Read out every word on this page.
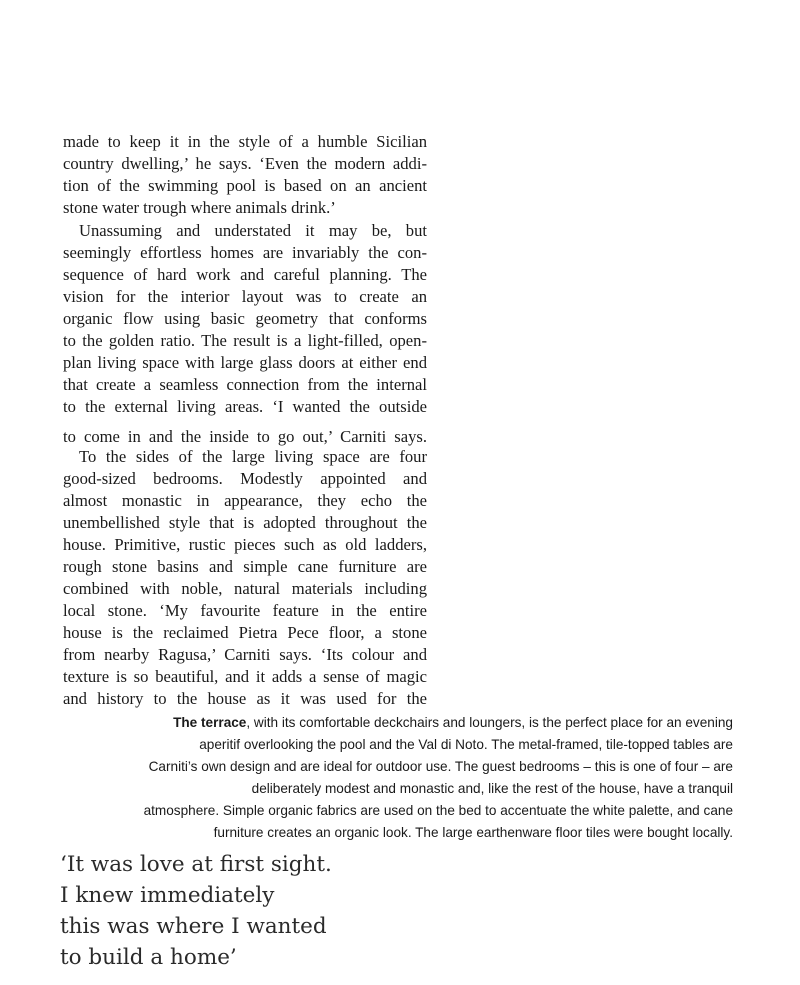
made to keep it in the style of a humble Sicilian
country dwelling,’ he says. ‘Even the modern addi-
tion of the swimming pool is based on an ancient
stone water trough where animals drink.’
Unassuming and understated it may be, but
seemingly effortless homes are invariably the con-
sequence of hard work and careful planning. The
vision for the interior layout was to create an
organic flow using basic geometry that conforms
to the golden ratio. The result is a light-filled, open-
plan living space with large glass doors at either end
that create a seamless connection from the internal
to the external living areas. ‘I wanted the outside
to come in and the inside to go out,’ Carniti says.
To the sides of the large living space are four
good-sized bedrooms. Modestly appointed and
almost monastic in appearance, they echo the
unembellished style that is adopted throughout the
house. Primitive, rustic pieces such as old ladders,
rough stone basins and simple cane furniture are
combined with noble, natural materials including
local stone. ‘My favourite feature in the entire
house is the reclaimed Pietra Pece floor, a stone
from nearby Ragusa,’ Carniti says. ‘Its colour and
texture is so beautiful, and it adds a sense of magic
and history to the house as it was used for the
The terrace, with its comfortable deckchairs and loungers, is the perfect place for an evening
aperitif overlooking the pool and the Val di Noto. The metal-framed, tile-topped tables are
Carniti’s own design and are ideal for outdoor use. The guest bedrooms – this is one of four – are
deliberately modest and monastic and, like the rest of the house, have a tranquil
atmosphere. Simple organic fabrics are used on the bed to accentuate the white palette, and cane
furniture creates an organic look. The large earthenware floor tiles were bought locally.
‘It was love at first sight.
I knew immediately
this was where I wanted
to build a home’
